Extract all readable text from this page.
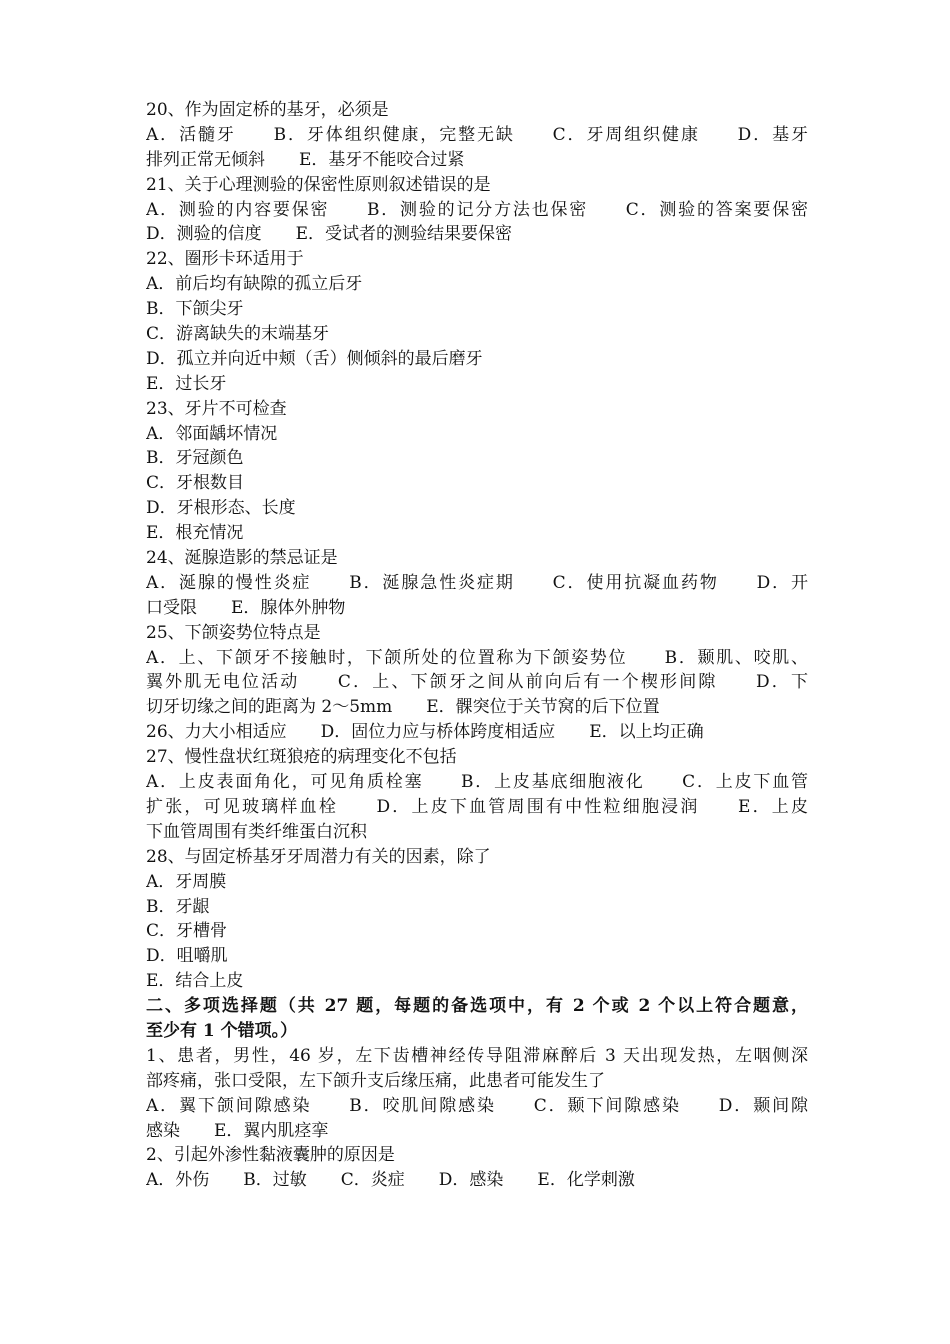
20、作为固定桥的基牙，必须是
A．活髓牙　　B．牙体组织健康，完整无缺　　C．牙周组织健康　　D．基牙
排列正常无倾斜　　E．基牙不能咬合过紧
21、关于心理测验的保密性原则叙述错误的是
A．测验的内容要保密　　B．测验的记分方法也保密　　C．测验的答案要保密
D．测验的信度　　E．受试者的测验结果要保密
22、圈形卡环适用于
A．前后均有缺隙的孤立后牙
B．下颌尖牙
C．游离缺失的末端基牙
D．孤立并向近中颊（舌）侧倾斜的最后磨牙
E．过长牙
23、牙片不可检查
A．邻面龋坏情况
B．牙冠颜色
C．牙根数目
D．牙根形态、长度
E．根充情况
24、涎腺造影的禁忌证是
A．涎腺的慢性炎症　　B．涎腺急性炎症期　　C．使用抗凝血药物　　D．开
口受限　　E．腺体外肿物
25、下颌姿势位特点是
A．上、下颌牙不接触时，下颌所处的位置称为下颌姿势位　　B．颞肌、咬肌、
翼外肌无电位活动　　C．上、下颌牙之间从前向后有一个楔形间隙　　D．下
切牙切缘之间的距离为 2～5mm　　E．髁突位于关节窝的后下位置
26、力大小相适应　　D．固位力应与桥体跨度相适应　　E．以上均正确
27、慢性盘状红斑狼疮的病理变化不包括
A．上皮表面角化，可见角质栓塞　　B．上皮基底细胞液化　　C．上皮下血管
扩张，可见玻璃样血栓　　D．上皮下血管周围有中性粒细胞浸润　　E．上皮
下血管周围有类纤维蛋白沉积
28、与固定桥基牙牙周潜力有关的因素，除了
A．牙周膜
B．牙龈
C．牙槽骨
D．咀嚼肌
E．结合上皮
二、多项选择题（共 27 题，每题的备选项中，有 2 个或 2 个以上符合题意，
至少有 1 个错项。）
1、患者，男性，46 岁，左下齿槽神经传导阻滞麻醉后 3 天出现发热，左咽侧深
部疼痛，张口受限，左下颌升支后缘压痛，此患者可能发生了
A．翼下颌间隙感染　　B．咬肌间隙感染　　C．颞下间隙感染　　D．颞间隙
感染　　E．翼内肌痉挛
2、引起外渗性黏液囊肿的原因是
A．外伤　　B．过敏　　C．炎症　　D．感染　　E．化学刺激
